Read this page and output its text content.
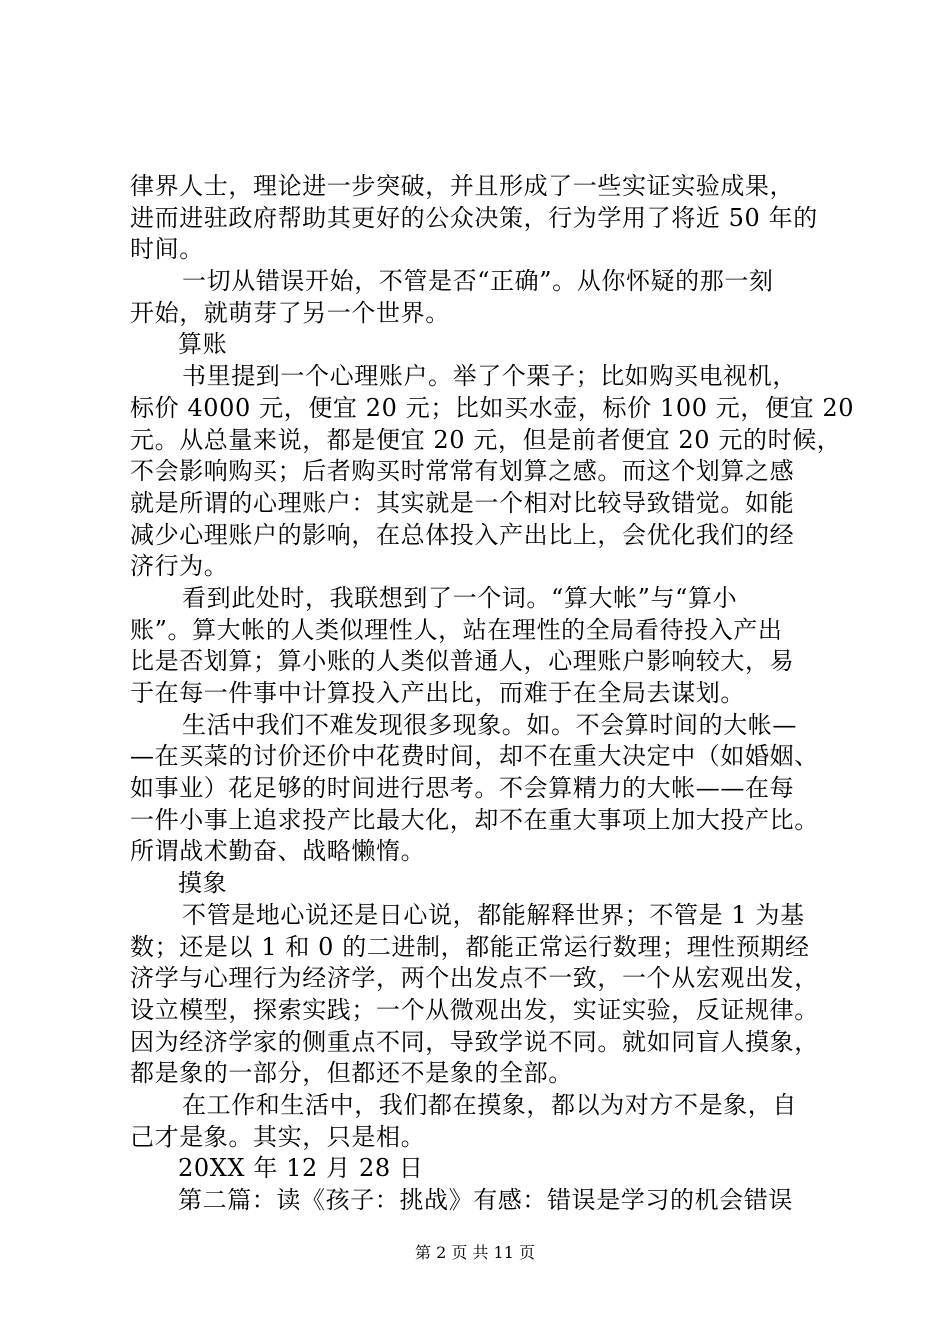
律界人士，理论进一步突破，并且形成了一些实证实验成果，
进而进驻政府帮助其更好的公众决策，行为学用了将近 50 年的
时间。
一切从错误开始，不管是否“正确”。从你怀疑的那一刻
开始，就萌芽了另一个世界。
算账
书里提到一个心理账户。举了个栗子；比如购买电视机，
标价 4000 元，便宜 20 元；比如买水壶，标价 100 元，便宜 20
元。从总量来说，都是便宜 20 元，但是前者便宜 20 元的时候，
不会影响购买；后者购买时常常有划算之感。而这个划算之感
就是所谓的心理账户：其实就是一个相对比较导致错觉。如能
减少心理账户的影响，在总体投入产出比上，会优化我们的经
济行为。
看到此处时，我联想到了一个词。“算大帐”与“算小
账”。算大帐的人类似理性人，站在理性的全局看待投入产出
比是否划算；算小账的人类似普通人，心理账户影响较大，易
于在每一件事中计算投入产出比，而难于在全局去谋划。
生活中我们不难发现很多现象。如。不会算时间的大帐—
—在买菜的讨价还价中花费时间，却不在重大决定中（如婚姻、
如事业）花足够的时间进行思考。不会算精力的大帐——在每
一件小事上追求投产比最大化，却不在重大事项上加大投产比。
所谓战术勤奋、战略懒惰。
摸象
不管是地心说还是日心说，都能解释世界；不管是 1 为基
数；还是以 1 和 0 的二进制，都能正常运行数理；理性预期经
济学与心理行为经济学，两个出发点不一致，一个从宏观出发，
设立模型，探索实践；一个从微观出发，实证实验，反证规律。
因为经济学家的侧重点不同，导致学说不同。就如同盲人摸象，
都是象的一部分，但都还不是象的全部。
在工作和生活中，我们都在摸象，都以为对方不是象，自
己才是象。其实，只是相。
20XX 年 12 月 28 日
第二篇：读《孩子：挑战》有感：错误是学习的机会错误
第 2 页 共 11 页
